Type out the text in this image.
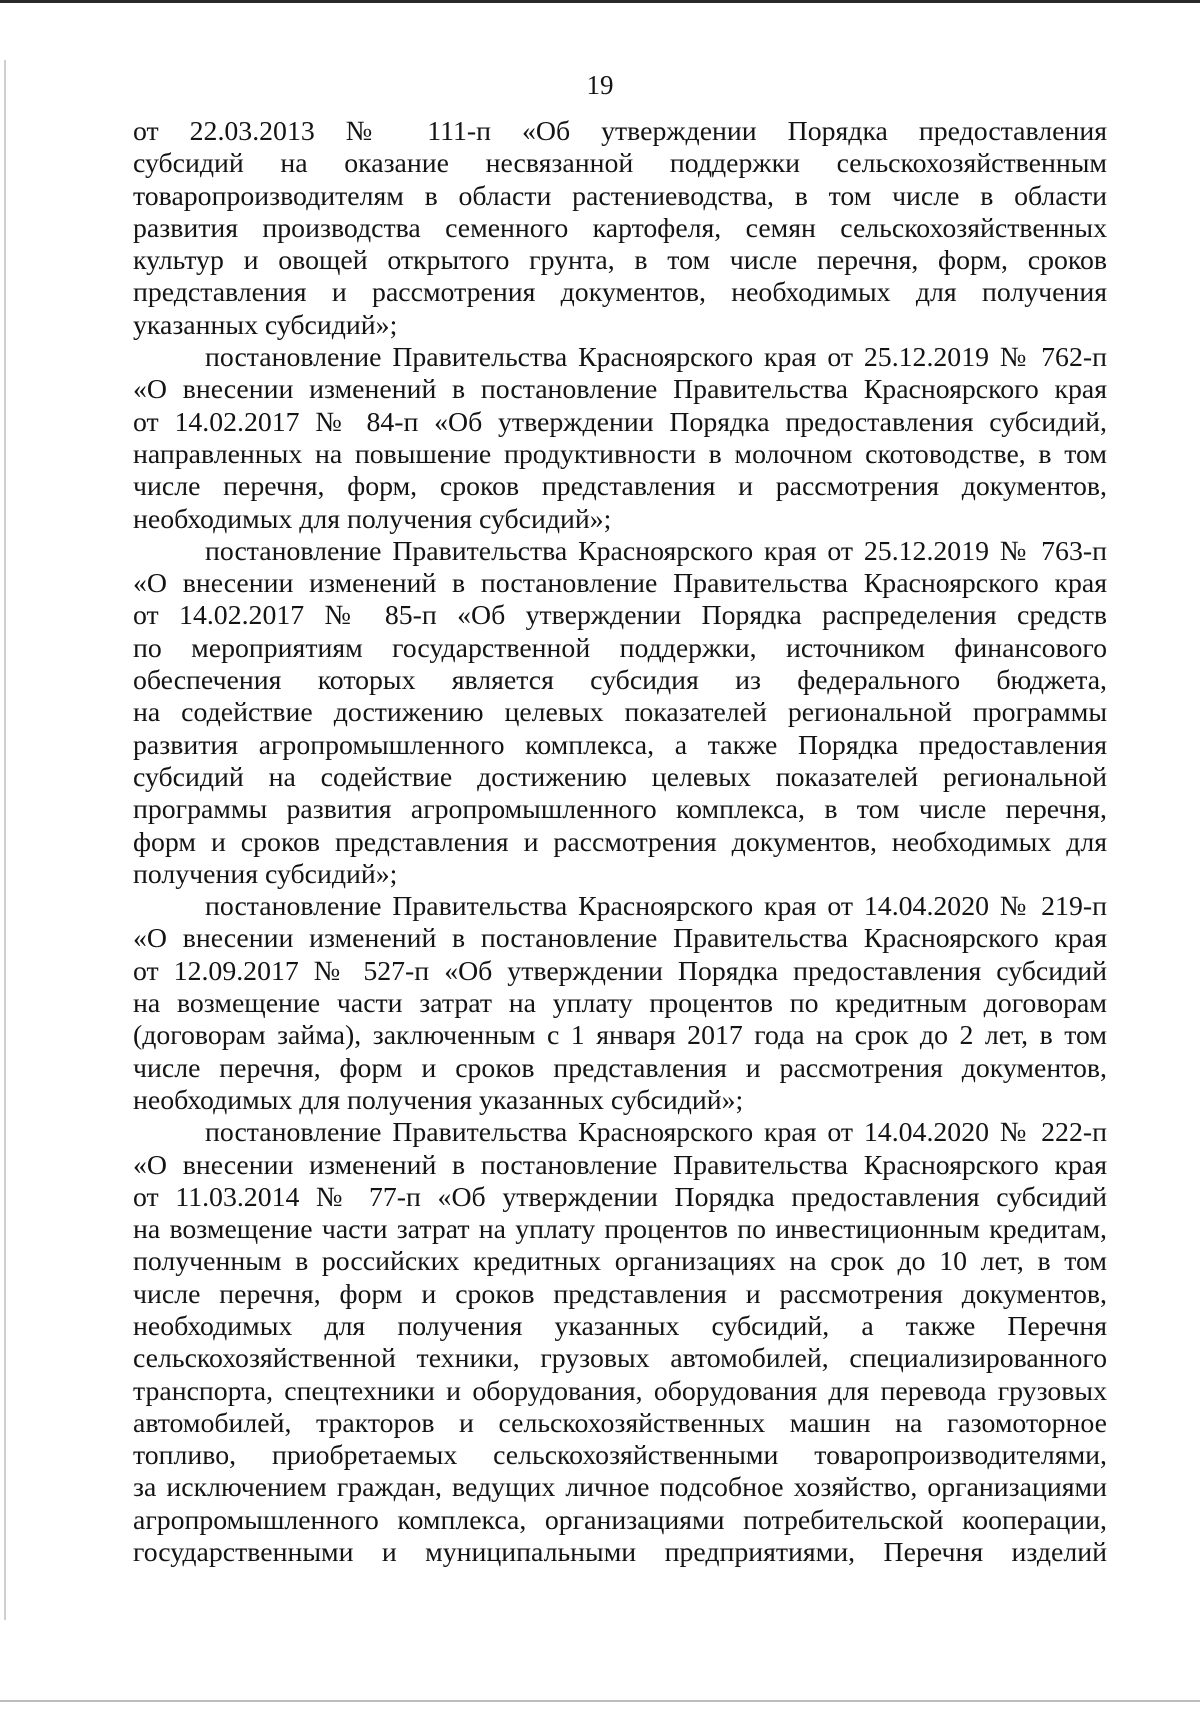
19
от 22.03.2013 № 111-п «Об утверждении Порядка предоставления
субсидий на оказание несвязанной поддержки сельскохозяйственным
товаропроизводителям в области растениеводства, в том числе в области
развития производства семенного картофеля, семян сельскохозяйственных
культур и овощей открытого грунта, в том числе перечня, форм, сроков
представления и рассмотрения документов, необходимых для получения
указанных субсидий»;
постановление Правительства Красноярского края от 25.12.2019 № 762-п
«О внесении изменений в постановление Правительства Красноярского края
от 14.02.2017 № 84-п «Об утверждении Порядка предоставления субсидий,
направленных на повышение продуктивности в молочном скотоводстве, в том
числе перечня, форм, сроков представления и рассмотрения документов,
необходимых для получения субсидий»;
постановление Правительства Красноярского края от 25.12.2019 № 763-п
«О внесении изменений в постановление Правительства Красноярского края
от 14.02.2017 № 85-п «Об утверждении Порядка распределения средств
по мероприятиям государственной поддержки, источником финансового
обеспечения которых является субсидия из федерального бюджета,
на содействие достижению целевых показателей региональной программы
развития агропромышленного комплекса, а также Порядка предоставления
субсидий на содействие достижению целевых показателей региональной
программы развития агропромышленного комплекса, в том числе перечня,
форм и сроков представления и рассмотрения документов, необходимых для
получения субсидий»;
постановление Правительства Красноярского края от 14.04.2020 № 219-п
«О внесении изменений в постановление Правительства Красноярского края
от 12.09.2017 № 527-п «Об утверждении Порядка предоставления субсидий
на возмещение части затрат на уплату процентов по кредитным договорам
(договорам займа), заключенным с 1 января 2017 года на срок до 2 лет, в том
числе перечня, форм и сроков представления и рассмотрения документов,
необходимых для получения указанных субсидий»;
постановление Правительства Красноярского края от 14.04.2020 № 222-п
«О внесении изменений в постановление Правительства Красноярского края
от 11.03.2014 № 77-п «Об утверждении Порядка предоставления субсидий
на возмещение части затрат на уплату процентов по инвестиционным кредитам,
полученным в российских кредитных организациях на срок до 10 лет, в том
числе перечня, форм и сроков представления и рассмотрения документов,
необходимых для получения указанных субсидий, а также Перечня
сельскохозяйственной техники, грузовых автомобилей, специализированного
транспорта, спецтехники и оборудования, оборудования для перевода грузовых
автомобилей, тракторов и сельскохозяйственных машин на газомоторное
топливо, приобретаемых сельскохозяйственными товаропроизводителями,
за исключением граждан, ведущих личное подсобное хозяйство, организациями
агропромышленного комплекса, организациями потребительской кооперации,
государственными и муниципальными предприятиями, Перечня изделий
